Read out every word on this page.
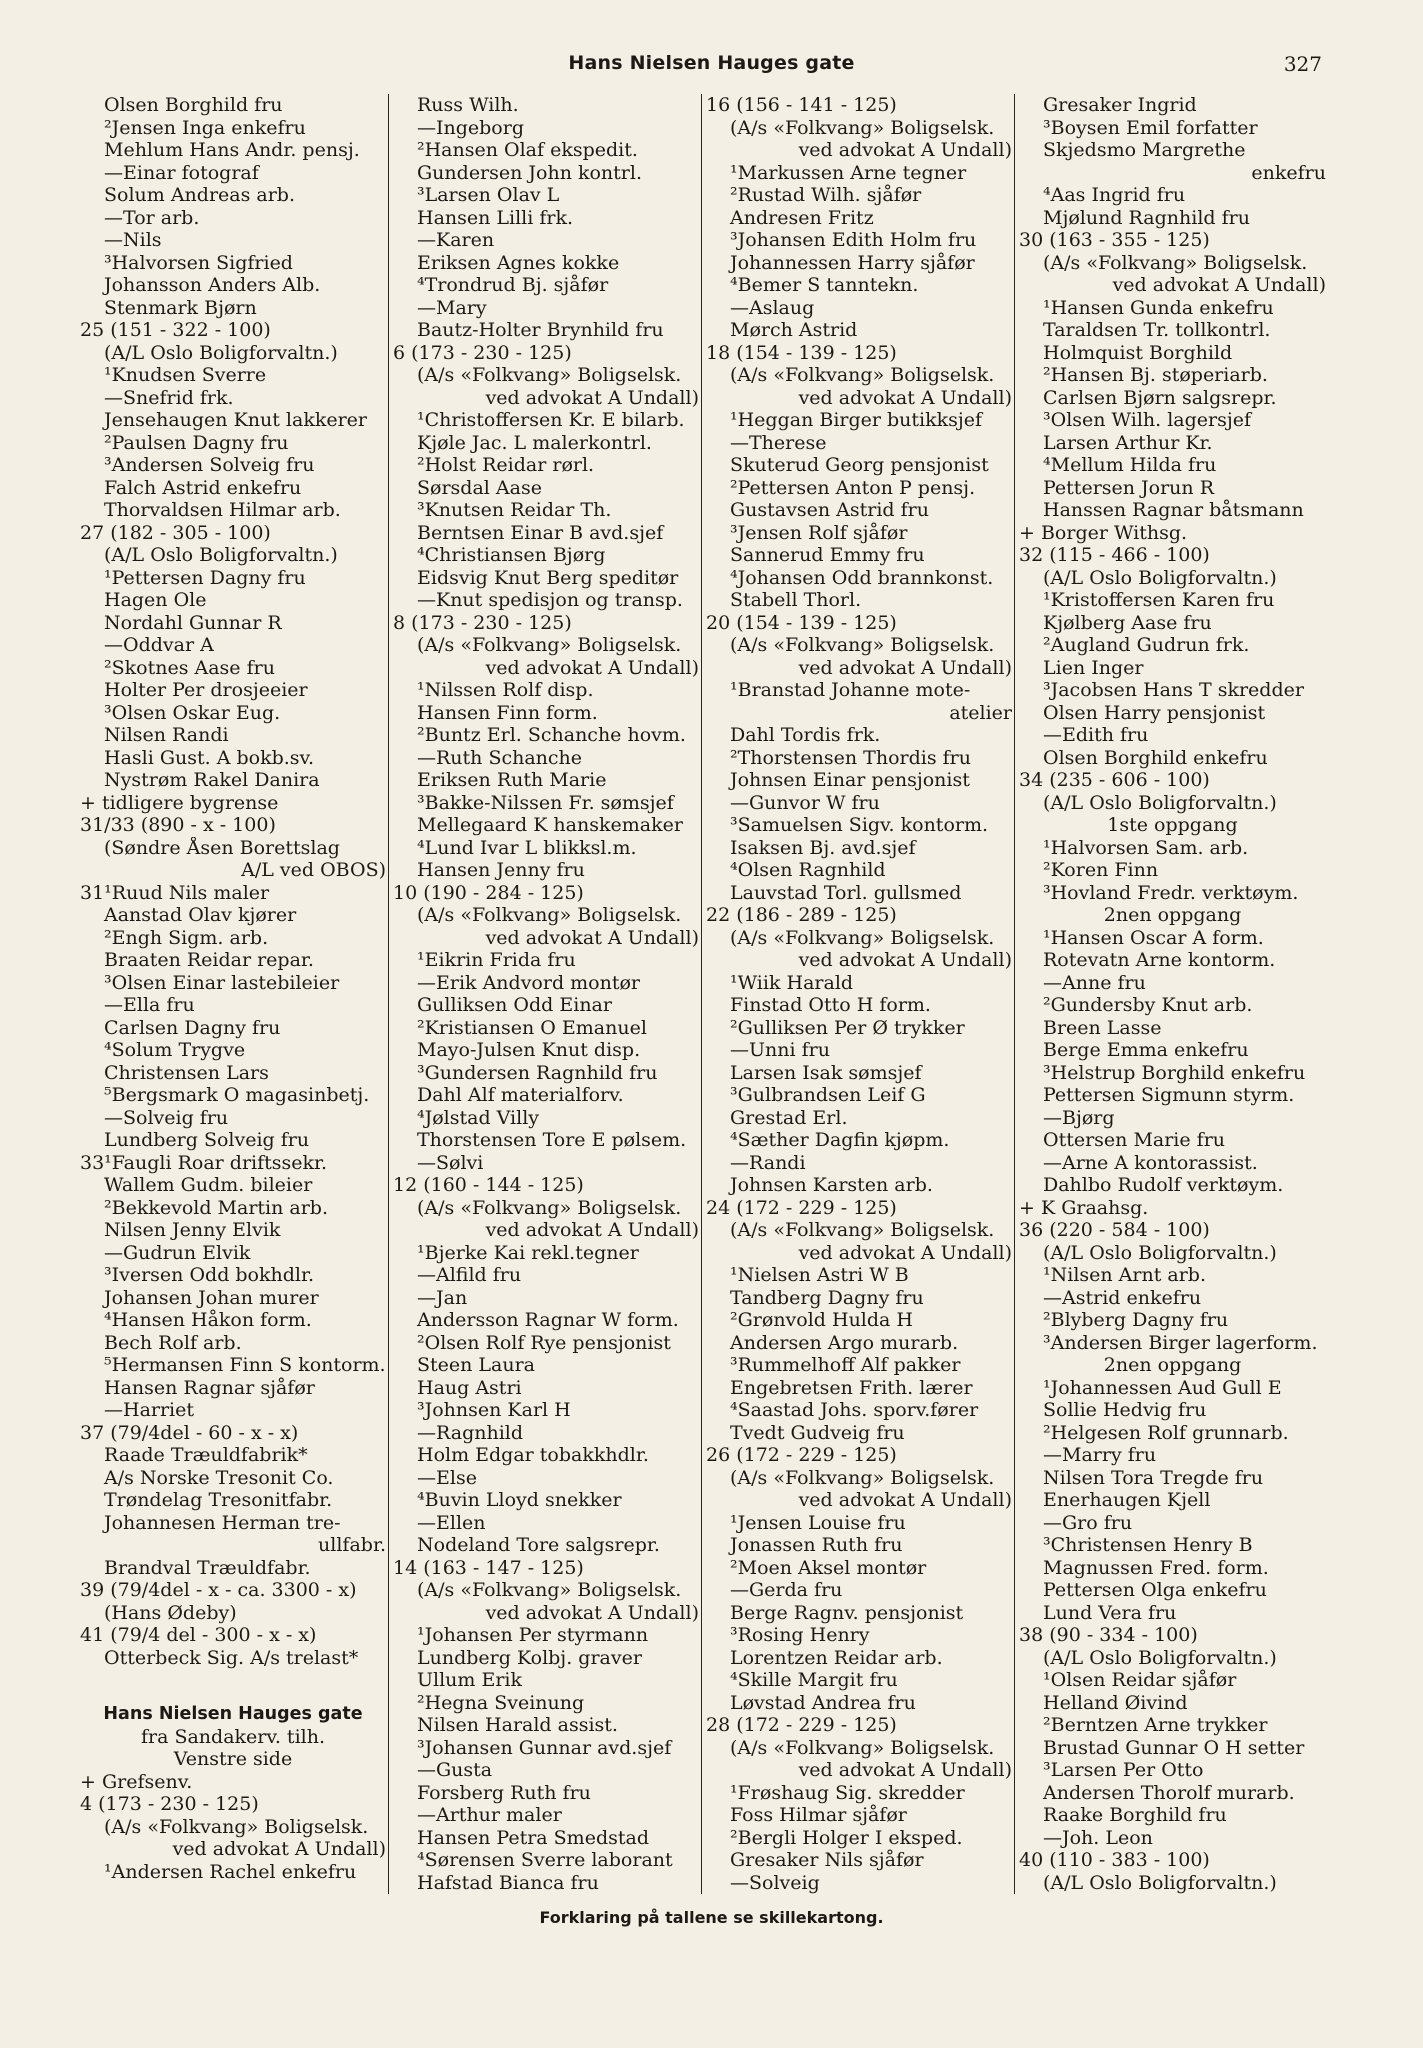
Hans Nielsen Hauges gate	327
Olsen Borghild fru
²Jensen Inga enkefru
Mehlum Hans Andr. pensj.
—Einar fotograf
Solum Andreas arb.
—Tor arb.
—Nils
³Halvorsen Sigfried
Johansson Anders Alb.
Stenmark Bjørn
25 (151 - 322 - 100)
(A/L Oslo Boligforvaltn.)
¹Knudsen Sverre
—Snefrid frk.
Jensehaugen Knut lakkerer
²Paulsen Dagny fru
³Andersen Solveig fru
Falch Astrid enkefru
Thorvaldsen Hilmar arb.
27 (182 - 305 - 100)
(A/L Oslo Boligforvaltn.)
¹Pettersen Dagny fru
Hagen Ole
Nordahl Gunnar R
—Oddvar A
²Skotnes Aase fru
Holter Per drosjeeier
³Olsen Oskar Eug.
Nilsen Randi
Hasli Gust. A bokb.sv.
Nystrøm Rakel Danira
+ tidligere bygrense
31/33 (890 - x - 100)
(Søndre Åsen Borettslag
A/L ved OBOS)
31¹Ruud Nils maler
Aanstad Olav kjører
²Engh Sigm. arb.
Braaten Reidar repar.
³Olsen Einar lastebileier
—Ella fru
Carlsen Dagny fru
⁴Solum Trygve
Christensen Lars
⁵Bergsmark O magasinbetj.
—Solveig fru
Lundberg Solveig fru
33¹Faugli Roar driftssekr.
Wallem Gudm. bileier
²Bekkevold Martin arb.
Nilsen Jenny Elvik
—Gudrun Elvik
³Iversen Odd bokhdlr.
Johansen Johan murer
⁴Hansen Håkon form.
Bech Rolf arb.
⁵Hermansen Finn S kontorm.
Hansen Ragnar sjåfør
—Harriet
37 (79/4del - 60 - x - x)
Raade Træuldfabrik*
A/s Norske Tresonit Co.
Trøndelag Tresonitfabr.
Johannesen Herman tre-
ullfabr.
Brandval Træuldfabr.
39 (79/4del - x - ca. 3300 - x)
(Hans Ødeby)
41 (79/4 del - 300 - x - x)
Otterbeck Sig. A/s trelast*
Hans Nielsen Hauges gate
fra Sandakerv. tilh.
Venstre side
+ Grefsenv.
4 (173 - 230 - 125)
(A/s «Folkvang» Boligselsk.
ved advokat A Undall)
¹Andersen Rachel enkefru
Russ Wilh.
—Ingeborg
²Hansen Olaf ekspedit.
Gundersen John kontrl.
³Larsen Olav L
Hansen Lilli frk.
—Karen
Eriksen Agnes kokke
⁴Trondrud Bj. sjåfør
—Mary
Bautz-Holter Brynhild fru
6 (173 - 230 - 125)
(A/s «Folkvang» Boligselsk.
ved advokat A Undall)
¹Christoffersen Kr. E bilarb.
Kjøle Jac. L malerkontrl.
²Holst Reidar rørl.
Sørsdal Aase
³Knutsen Reidar Th.
Berntsen Einar B avd.sjef
⁴Christiansen Bjørg
Eidsvig Knut Berg speditør
—Knut spedisjon og transp.
8 (173 - 230 - 125)
(A/s «Folkvang» Boligselsk.
ved advokat A Undall)
¹Nilssen Rolf disp.
Hansen Finn form.
²Buntz Erl. Schanche hovm.
—Ruth Schanche
Eriksen Ruth Marie
³Bakke-Nilssen Fr. sømsjef
Mellegaard K hanskemaker
⁴Lund Ivar L blikksl.m.
Hansen Jenny fru
10 (190 - 284 - 125)
(A/s «Folkvang» Boligselsk.
ved advokat A Undall)
¹Eikrin Frida fru
—Erik Andvord montør
Gulliksen Odd Einar
²Kristiansen O Emanuel
Mayo-Julsen Knut disp.
³Gundersen Ragnhild fru
Dahl Alf materialforv.
⁴Jølstad Villy
Thorstensen Tore E pølsem.
—Sølvi
12 (160 - 144 - 125)
(A/s «Folkvang» Boligselsk.
ved advokat A Undall)
¹Bjerke Kai rekl.tegner
—Alfild fru
—Jan
Andersson Ragnar W form.
²Olsen Rolf Rye pensjonist
Steen Laura
Haug Astri
³Johnsen Karl H
—Ragnhild
Holm Edgar tobakkhdlr.
—Else
⁴Buvin Lloyd snekker
—Ellen
Nodeland Tore salgsrepr.
14 (163 - 147 - 125)
(A/s «Folkvang» Boligselsk.
ved advokat A Undall)
¹Johansen Per styrmann
Lundberg Kolbj. graver
Ullum Erik
²Hegna Sveinung
Nilsen Harald assist.
³Johansen Gunnar avd.sjef
—Gusta
Forsberg Ruth fru
—Arthur maler
Hansen Petra Smedstad
⁴Sørensen Sverre laborant
Hafstad Bianca fru
16 (156 - 141 - 125)
(A/s «Folkvang» Boligselsk.
ved advokat A Undall)
¹Markussen Arne tegner
²Rustad Wilh. sjåfør
Andresen Fritz
³Johansen Edith Holm fru
Johannessen Harry sjåfør
⁴Bemer S tanntekn.
—Aslaug
Mørch Astrid
18 (154 - 139 - 125)
(A/s «Folkvang» Boligselsk.
ved advokat A Undall)
¹Heggan Birger butikksjef
—Therese
Skuterud Georg pensjonist
²Pettersen Anton P pensj.
Gustavsen Astrid fru
³Jensen Rolf sjåfør
Sannerud Emmy fru
⁴Johansen Odd brannkonst.
Stabell Thorl.
20 (154 - 139 - 125)
(A/s «Folkvang» Boligselsk.
ved advokat A Undall)
¹Branstad Johanne mote-
atelier
Dahl Tordis frk.
²Thorstensen Thordis fru
Johnsen Einar pensjonist
—Gunvor W fru
³Samuelsen Sigv. kontorm.
Isaksen Bj. avd.sjef
⁴Olsen Ragnhild
Lauvstad Torl. gullsmed
22 (186 - 289 - 125)
(A/s «Folkvang» Boligselsk.
ved advokat A Undall)
¹Wiik Harald
Finstad Otto H form.
²Gulliksen Per Ø trykker
—Unni fru
Larsen Isak sømsjef
³Gulbrandsen Leif G
Grestad Erl.
⁴Sæther Dagfin kjøpm.
—Randi
Johnsen Karsten arb.
24 (172 - 229 - 125)
(A/s «Folkvang» Boligselsk.
ved advokat A Undall)
¹Nielsen Astri W B
Tandberg Dagny fru
²Grønvold Hulda H
Andersen Argo murarb.
³Rummelhoff Alf pakker
Engebretsen Frith. lærer
⁴Saastad Johs. sporv.fører
Tvedt Gudveig fru
26 (172 - 229 - 125)
(A/s «Folkvang» Boligselsk.
ved advokat A Undall)
¹Jensen Louise fru
Jonassen Ruth fru
²Moen Aksel montør
—Gerda fru
Berge Ragnv. pensjonist
³Rosing Henry
Lorentzen Reidar arb.
⁴Skille Margit fru
Løvstad Andrea fru
28 (172 - 229 - 125)
(A/s «Folkvang» Boligselsk.
ved advokat A Undall)
¹Frøshaug Sig. skredder
Foss Hilmar sjåfør
²Bergli Holger I eksped.
Gresaker Nils sjåfør
—Solveig
Gresaker Ingrid
³Boysen Emil forfatter
Skjedsmo Margrethe
enkefru
⁴Aas Ingrid fru
Mjølund Ragnhild fru
30 (163 - 355 - 125)
(A/s «Folkvang» Boligselsk.
ved advokat A Undall)
¹Hansen Gunda enkefru
Taraldsen Tr. tollkontrl.
Holmquist Borghild
²Hansen Bj. støperiarb.
Carlsen Bjørn salgsrepr.
³Olsen Wilh. lagersjef
Larsen Arthur Kr.
⁴Mellum Hilda fru
Pettersen Jorun R
Hanssen Ragnar båtsmann
+ Borger Withsg.
32 (115 - 466 - 100)
(A/L Oslo Boligforvaltn.)
¹Kristoffersen Karen fru
Kjølberg Aase fru
²Augland Gudrun frk.
Lien Inger
³Jacobsen Hans T skredder
Olsen Harry pensjonist
—Edith fru
Olsen Borghild enkefru
34 (235 - 606 - 100)
(A/L Oslo Boligforvaltn.)
1ste oppgang
¹Halvorsen Sam. arb.
²Koren Finn
³Hovland Fredr. verktøym.
2nen oppgang
¹Hansen Oscar A form.
Rotevatn Arne kontorm.
—Anne fru
²Gundersby Knut arb.
Breen Lasse
Berge Emma enkefru
³Helstrup Borghild enkefru
Pettersen Sigmunn styrm.
—Bjørg
Ottersen Marie fru
—Arne A kontorassist.
Dahlbo Rudolf verktøym.
+ K Graahsg.
36 (220 - 584 - 100)
(A/L Oslo Boligforvaltn.)
¹Nilsen Arnt arb.
—Astrid enkefru
²Blyberg Dagny fru
³Andersen Birger lagerform.
2nen oppgang
¹Johannessen Aud Gull E
Sollie Hedvig fru
²Helgesen Rolf grunnarb.
—Marry fru
Nilsen Tora Tregde fru
Enerhaugen Kjell
—Gro fru
³Christensen Henry B
Magnussen Fred. form.
Pettersen Olga enkefru
Lund Vera fru
38 (90 - 334 - 100)
(A/L Oslo Boligforvaltn.)
¹Olsen Reidar sjåfør
Helland Øivind
²Berntzen Arne trykker
Brustad Gunnar O H setter
³Larsen Per Otto
Andersen Thorolf murarb.
Raake Borghild fru
—Joh. Leon
40 (110 - 383 - 100)
(A/L Oslo Boligforvaltn.)
Forklaring på tallene se skillekartong.
